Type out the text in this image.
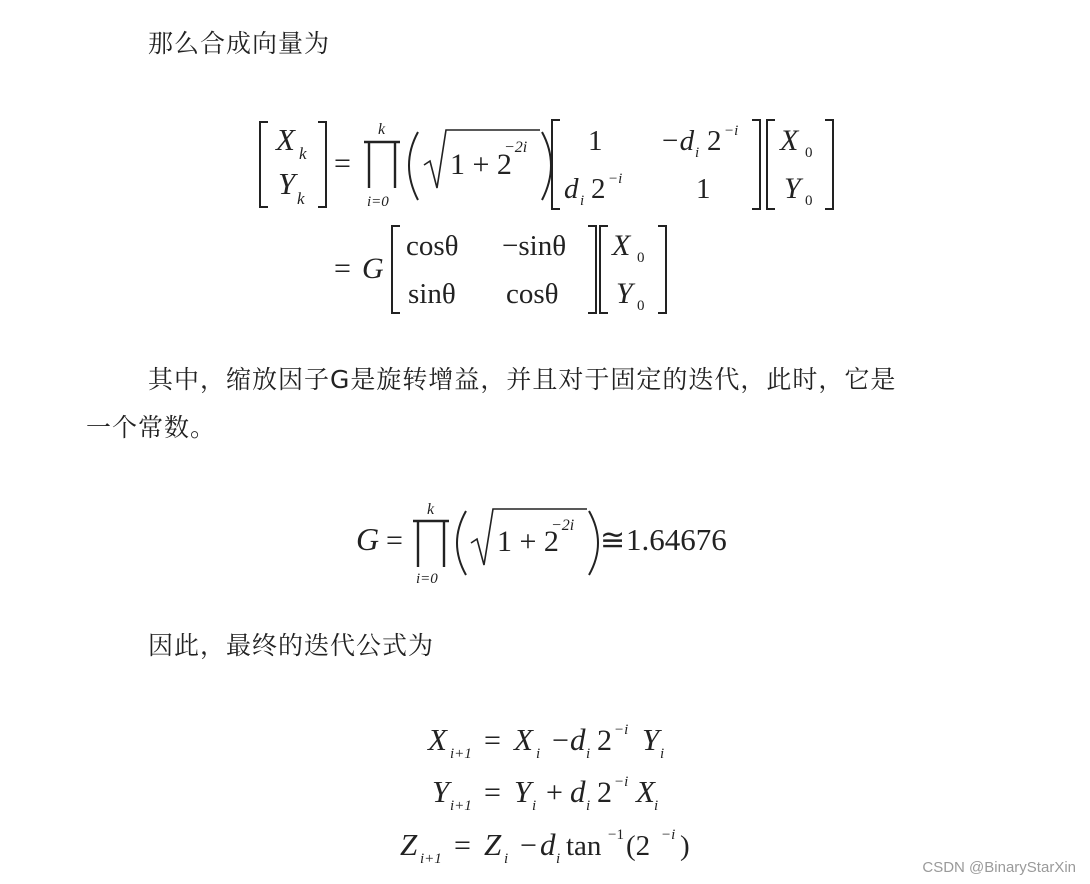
那么合成向量为
X k
Y k
=
k
i=0
1 + 2
−2i 1 −d i 2 −i
d i 2 −i	1
X 0
Y 0
= G
cosθ −sinθ
sinθ cosθ
X 0
Y 0
其中，缩放因子G是旋转增益，并且对于固定的迭代，此时，它是
一个常数。
G =
k
i=0
1 + 2
−2i ≅ 1.64676
因此，最终的迭代公式为
X i+1 = X i − d i 2 −i Y i
Y i+1 = Y i + d i 2 −i X i
Z i+1 = Z i − d i tan −1 (2 −i )
CSDN @BinaryStarXin
